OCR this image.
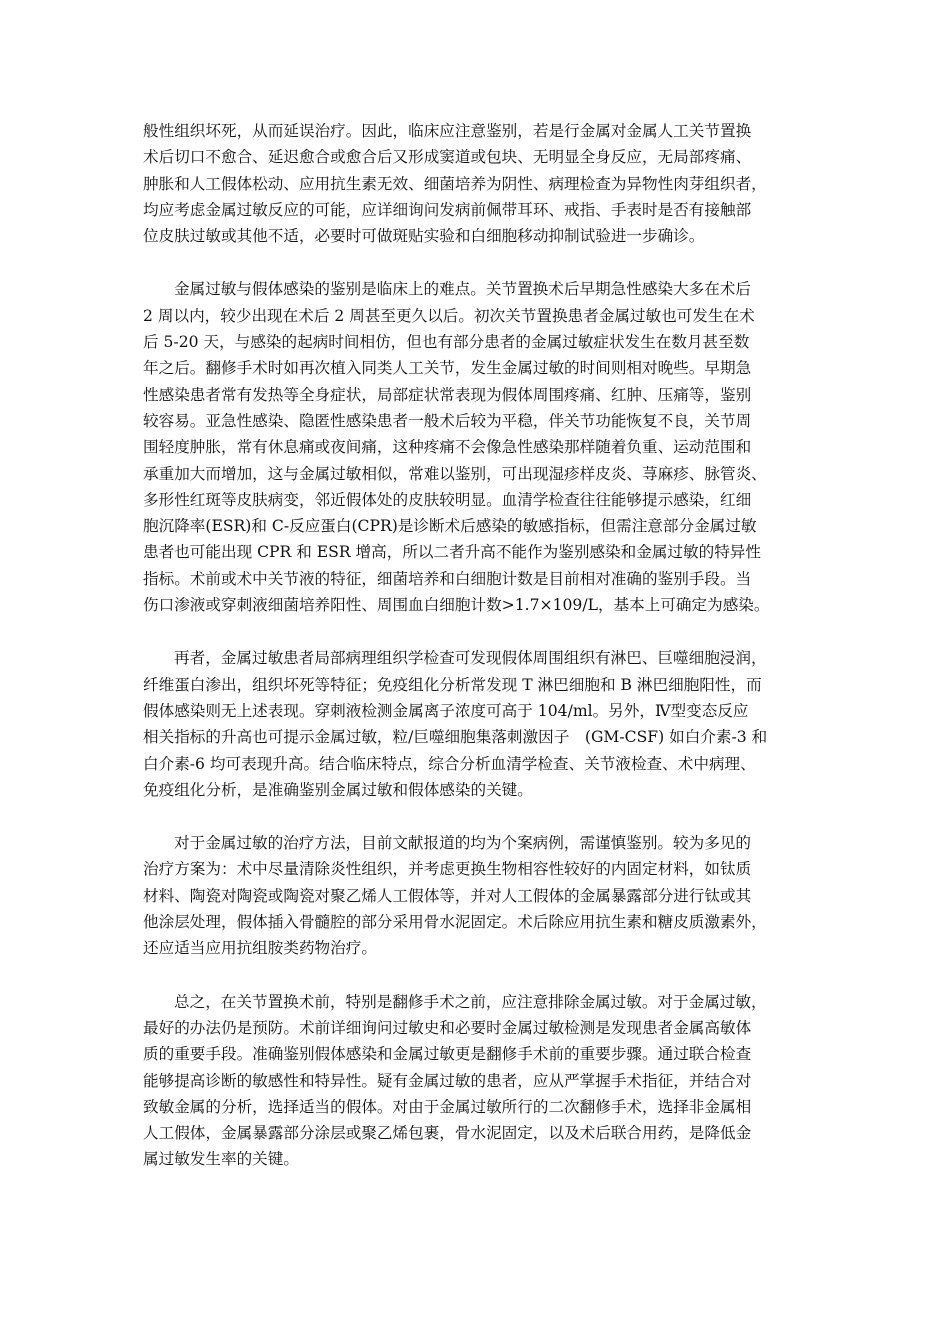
般性组织坏死，从而延误治疗。因此，临床应注意鉴别，若是行金属对金属人工关节置换
术后切口不愈合、延迟愈合或愈合后又形成窦道或包块、无明显全身反应，无局部疼痛、
肿胀和人工假体松动、应用抗生素无效、细菌培养为阴性、病理检查为异物性肉芽组织者，
均应考虑金属过敏反应的可能，应详细询问发病前佩带耳环、戒指、手表时是否有接触部
位皮肤过敏或其他不适，必要时可做斑贴实验和白细胞移动抑制试验进一步确诊。
金属过敏与假体感染的鉴别是临床上的难点。关节置换术后早期急性感染大多在术后
2 周以内，较少出现在术后 2 周甚至更久以后。初次关节置换患者金属过敏也可发生在术
后 5-20 天，与感染的起病时间相仿，但也有部分患者的金属过敏症状发生在数月甚至数
年之后。翻修手术时如再次植入同类人工关节，发生金属过敏的时间则相对晚些。早期急
性感染患者常有发热等全身症状，局部症状常表现为假体周围疼痛、红肿、压痛等，鉴别
较容易。亚急性感染、隐匿性感染患者一般术后较为平稳，伴关节功能恢复不良，关节周
围轻度肿胀，常有休息痛或夜间痛，这种疼痛不会像急性感染那样随着负重、运动范围和
承重加大而增加，这与金属过敏相似，常难以鉴别，可出现湿疹样皮炎、荨麻疹、脉管炎、
多形性红斑等皮肤病变，邻近假体处的皮肤较明显。血清学检查往往能够提示感染，红细
胞沉降率(ESR)和 C-反应蛋白(CPR)是诊断术后感染的敏感指标，但需注意部分金属过敏
患者也可能出现 CPR 和 ESR 增高，所以二者升高不能作为鉴别感染和金属过敏的特异性
指标。术前或术中关节液的特征，细菌培养和白细胞计数是目前相对准确的鉴别手段。当
伤口渗液或穿刺液细菌培养阳性、周围血白细胞计数>1.7×109/L，基本上可确定为感染。
再者，金属过敏患者局部病理组织学检查可发现假体周围组织有淋巴、巨噬细胞浸润，
纤维蛋白渗出，组织坏死等特征；免疫组化分析常发现 T 淋巴细胞和 B 淋巴细胞阳性，而
假体感染则无上述表现。穿刺液检测金属离子浓度可高于 104/ml。另外，Ⅳ型变态反应
相关指标的升高也可提示金属过敏，粒/巨噬细胞集落刺激因子　(GM-CSF) 如白介素-3 和
白介素-6 均可表现升高。结合临床特点，综合分析血清学检查、关节液检查、术中病理、
免疫组化分析，是准确鉴别金属过敏和假体感染的关键。
对于金属过敏的治疗方法，目前文献报道的均为个案病例，需谨慎鉴别。较为多见的
治疗方案为：术中尽量清除炎性组织，并考虑更换生物相容性较好的内固定材料，如钛质
材料、陶瓷对陶瓷或陶瓷对聚乙烯人工假体等，并对人工假体的金属暴露部分进行钛或其
他涂层处理，假体插入骨髓腔的部分采用骨水泥固定。术后除应用抗生素和糖皮质激素外，
还应适当应用抗组胺类药物治疗。
总之，在关节置换术前，特别是翻修手术之前，应注意排除金属过敏。对于金属过敏，
最好的办法仍是预防。术前详细询问过敏史和必要时金属过敏检测是发现患者金属高敏体
质的重要手段。准确鉴别假体感染和金属过敏更是翻修手术前的重要步骤。通过联合检查
能够提高诊断的敏感性和特异性。疑有金属过敏的患者，应从严掌握手术指征，并结合对
致敏金属的分析，选择适当的假体。对由于金属过敏所行的二次翻修手术，选择非金属相
人工假体，金属暴露部分涂层或聚乙烯包裹，骨水泥固定，以及术后联合用药，是降低金
属过敏发生率的关键。
